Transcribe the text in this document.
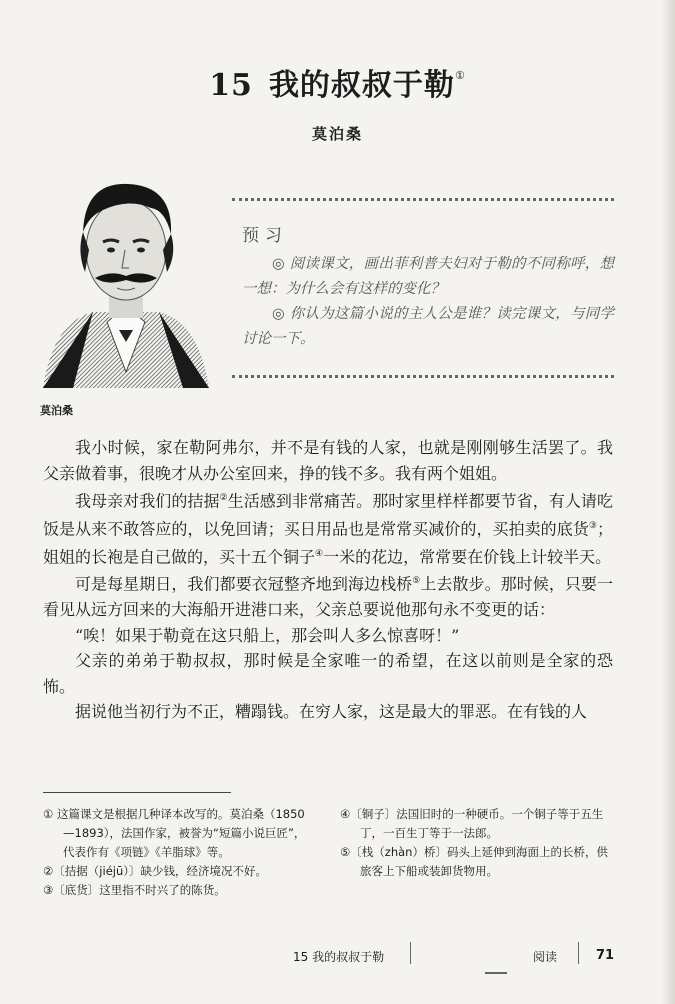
15 我的叔叔于勒①
莫泊桑
莫泊桑
预习

◎ 阅读课文，画出菲利普夫妇对于勒的不同称呼，想一想：为什么会有这样的变化？

◎ 你认为这篇小说的主人公是谁？读完课文，与同学讨论一下。

我小时候，家在勒阿弗尔，并不是有钱的人家，也就是刚刚够生活罢了。我父亲做着事，很晚才从办公室回来，挣的钱不多。我有两个姐姐。

我母亲对我们的拮据②生活感到非常痛苦。那时家里样样都要节省，有人请吃饭是从来不敢答应的，以免回请；买日用品也是常常买减价的，买拍卖的底货③；姐姐的长袍是自己做的，买十五个铜子④一米的花边，常常要在价钱上计较半天。

可是每星期日，我们都要衣冠整齐地到海边栈桥⑤上去散步。那时候，只要一看见从远方回来的大海船开进港口来，父亲总要说他那句永不变更的话：

“唉！如果于勒竟在这只船上，那会叫人多么惊喜呀！”

父亲的弟弟于勒叔叔，那时候是全家唯一的希望，在这以前则是全家的恐怖。

据说他当初行为不正，糟蹋钱。在穷人家，这是最大的罪恶。在有钱的人

① 这篇课文是根据几种译本改写的。莫泊桑（1850—1893），法国作家，被誉为“短篇小说巨匠”，代表作有《项链》《羊脂球》等。

②〔拮据（jiéjū）〕缺少钱，经济境况不好。

③〔底货〕这里指不时兴了的陈货。

④〔铜子〕法国旧时的一种硬币。一个铜子等于五生丁，一百生丁等于一法郎。

⑤〔栈（zhàn）桥〕码头上延伸到海面上的长桥，供旅客上下船或装卸货物用。

15 我的叔叔于勒	阅读	71
